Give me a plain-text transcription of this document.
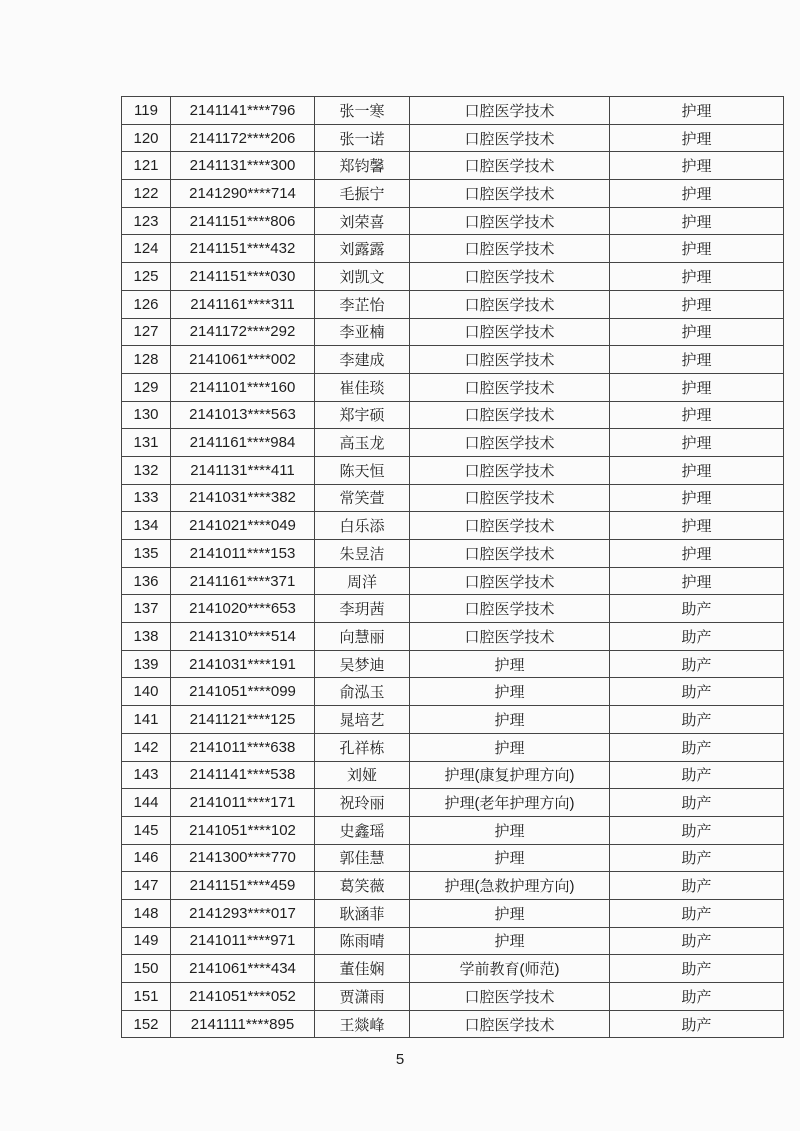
119	2141141****796	张一寒	口腔医学技术	护理
120	2141172****206	张一诺	口腔医学技术	护理
121	2141131****300	郑钧馨	口腔医学技术	护理
122	2141290****714	毛振宁	口腔医学技术	护理
123	2141151****806	刘荣喜	口腔医学技术	护理
124	2141151****432	刘露露	口腔医学技术	护理
125	2141151****030	刘凯文	口腔医学技术	护理
126	2141161****311	李芷怡	口腔医学技术	护理
127	2141172****292	李亚楠	口腔医学技术	护理
128	2141061****002	李建成	口腔医学技术	护理
129	2141101****160	崔佳琰	口腔医学技术	护理
130	2141013****563	郑宇硕	口腔医学技术	护理
131	2141161****984	高玉龙	口腔医学技术	护理
132	2141131****411	陈天恒	口腔医学技术	护理
133	2141031****382	常笑萱	口腔医学技术	护理
134	2141021****049	白乐添	口腔医学技术	护理
135	2141011****153	朱昱洁	口腔医学技术	护理
136	2141161****371	周洋	口腔医学技术	护理
137	2141020****653	李玥茜	口腔医学技术	助产
138	2141310****514	向慧丽	口腔医学技术	助产
139	2141031****191	吴梦迪	护理	助产
140	2141051****099	俞泓玉	护理	助产
141	2141121****125	晁培艺	护理	助产
142	2141011****638	孔祥栋	护理	助产
143	2141141****538	刘娅	护理(康复护理方向)	助产
144	2141011****171	祝玲丽	护理(老年护理方向)	助产
145	2141051****102	史鑫瑶	护理	助产
146	2141300****770	郭佳慧	护理	助产
147	2141151****459	葛笑薇	护理(急救护理方向)	助产
148	2141293****017	耿涵菲	护理	助产
149	2141011****971	陈雨晴	护理	助产
150	2141061****434	董佳娴	学前教育(师范)	助产
151	2141051****052	贾潇雨	口腔医学技术	助产
152	2141111****895	王燚峰	口腔医学技术	助产
5
